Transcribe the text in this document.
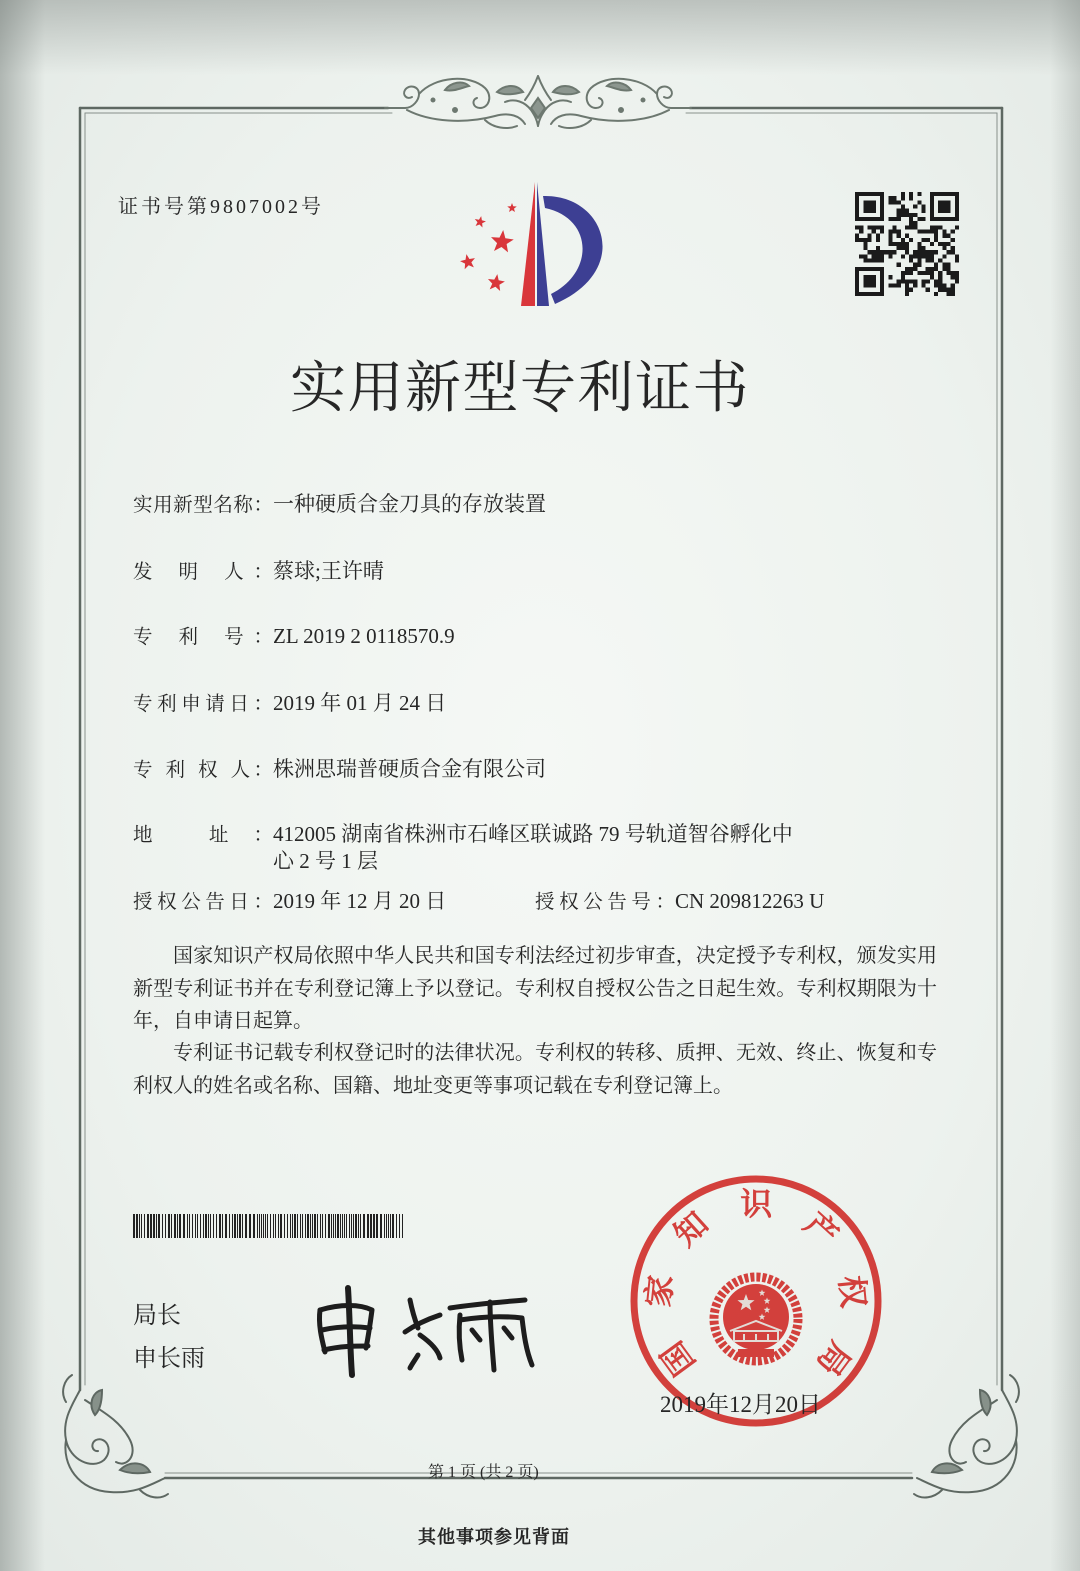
证书号第9807002号
实用新型专利证书
实用新型名称： 一种硬质合金刀具的存放装置
发 明 人： 蔡球;王许晴
专 利 号： ZL 2019 2 0118570.9
专利申请日： 2019 年 01 月 24 日
专 利 权 人： 株洲思瑞普硬质合金有限公司
地 址： 412005 湖南省株洲市石峰区联诚路 79 号轨道智谷孵化中心 2 号 1 层
授权公告日： 2019 年 12 月 20 日	授权公告号： CN 209812263 U
国家知识产权局依照中华人民共和国专利法经过初步审查，决定授予专利权，颁发实用新型专利证书并在专利登记簿上予以登记。专利权自授权公告之日起生效。专利权期限为十年，自申请日起算。
专利证书记载专利权登记时的法律状况。专利权的转移、质押、无效、终止、恢复和专利权人的姓名或名称、国籍、地址变更等事项记载在专利登记簿上。
局长
申长雨	国家知识产权局
2019年12月20日
第 1 页 (共 2 页)
其他事项参见背面
